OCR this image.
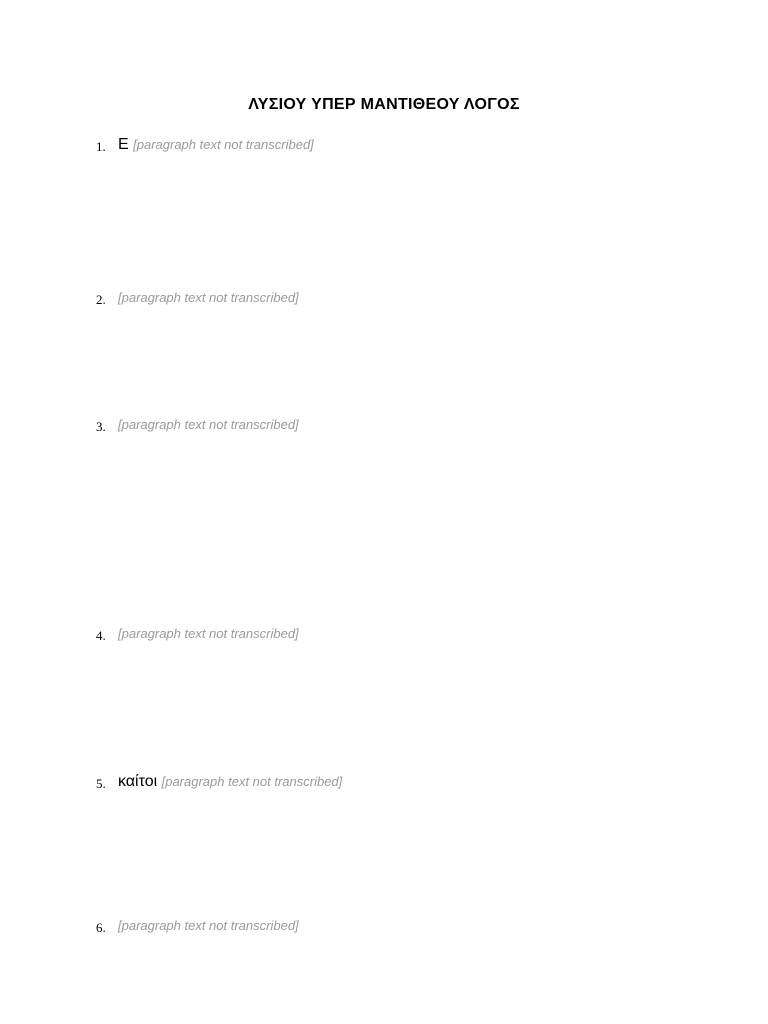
ΛΥΣΙΟΥ ΥΠΕΡ ΜΑΝΤΙΘΕΟΥ ΛΟΓΟΣ
1. Ε [paragraph text not transcribed]
2. [paragraph text not transcribed]
3. [paragraph text not transcribed]
4. [paragraph text not transcribed]
5. καίτοι [paragraph text not transcribed]
6. [paragraph text not transcribed]
